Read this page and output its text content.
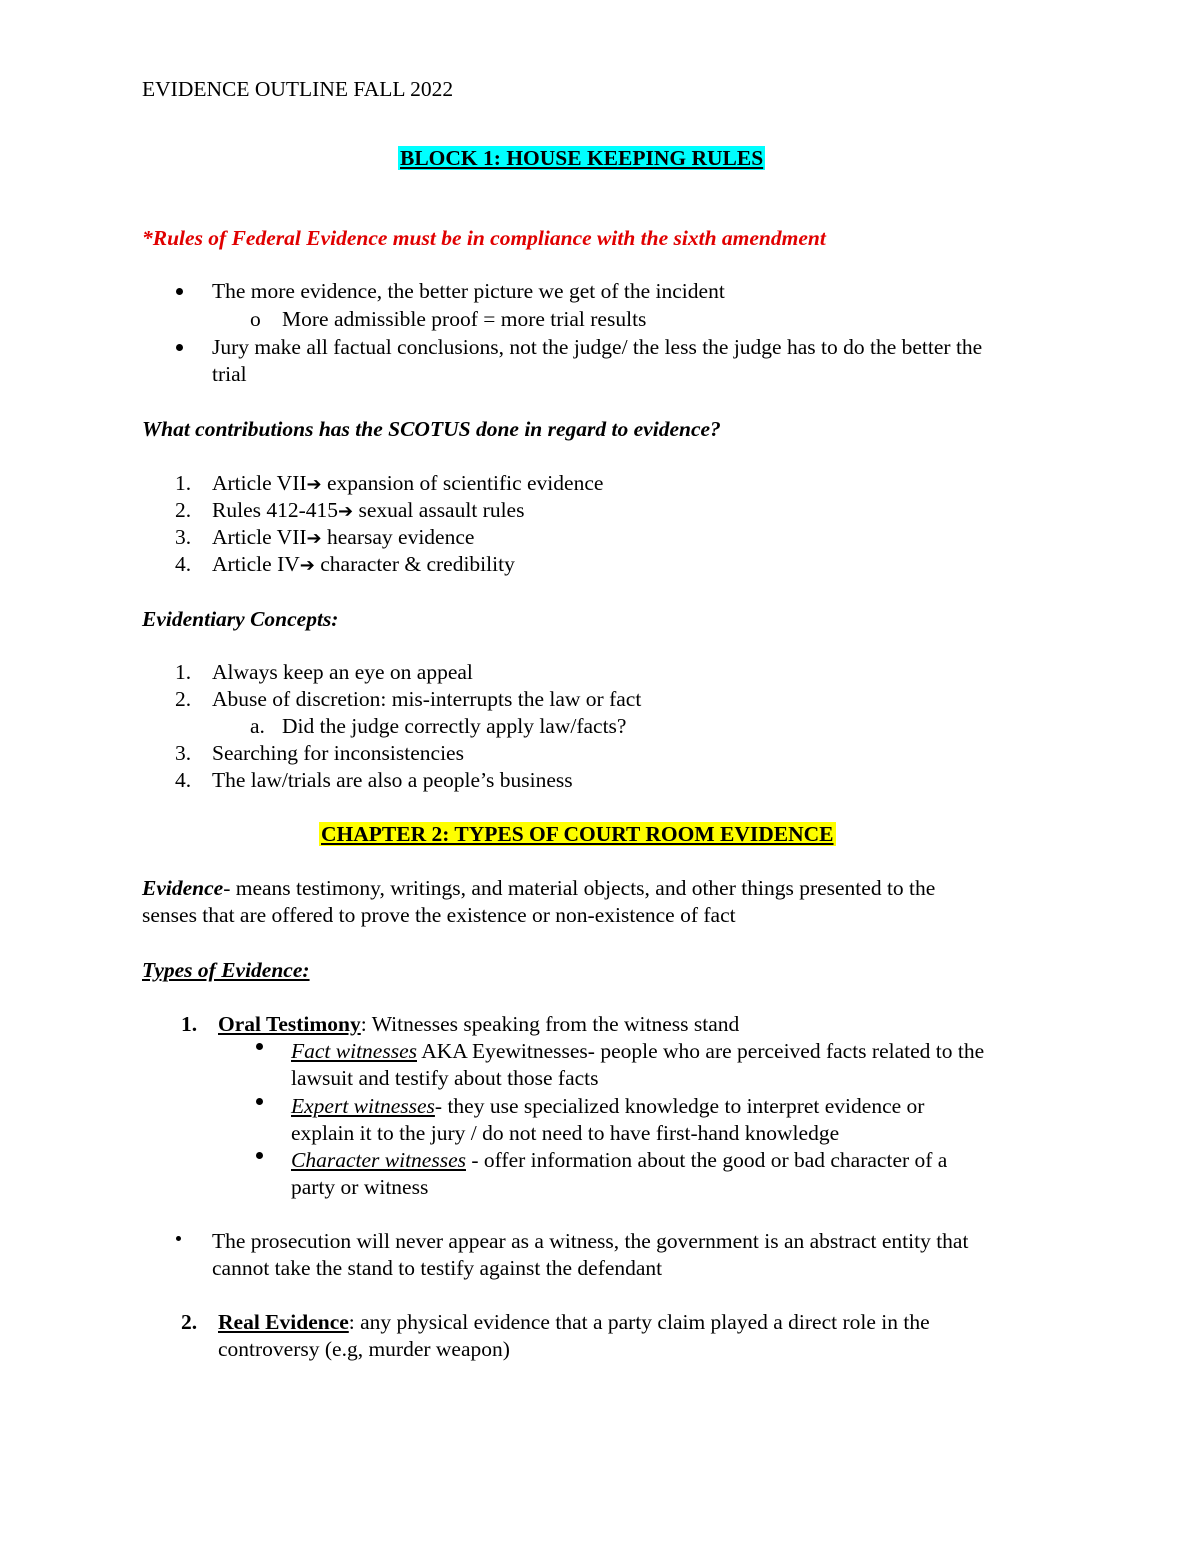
EVIDENCE OUTLINE FALL 2022
BLOCK 1: HOUSE KEEPING RULES
*Rules of Federal Evidence must be in compliance with the sixth amendment
The more evidence, the better picture we get of the incident
o More admissible proof = more trial results
Jury make all factual conclusions, not the judge/ the less the judge has to do the better the
trial
What contributions has the SCOTUS done in regard to evidence?
1. Article VII➔ expansion of scientific evidence
2. Rules 412-415➔ sexual assault rules
3. Article VII➔ hearsay evidence
4. Article IV➔ character & credibility
Evidentiary Concepts:
1. Always keep an eye on appeal
2. Abuse of discretion: mis-interrupts the law or fact
a. Did the judge correctly apply law/facts?
3. Searching for inconsistencies
4. The law/trials are also a people’s business
CHAPTER 2: TYPES OF COURT ROOM EVIDENCE
Evidence- means testimony, writings, and material objects, and other things presented to the
senses that are offered to prove the existence or non-existence of fact
Types of Evidence:
1. Oral Testimony: Witnesses speaking from the witness stand
Fact witnesses AKA Eyewitnesses- people who are perceived facts related to the
lawsuit and testify about those facts
Expert witnesses- they use specialized knowledge to interpret evidence or
explain it to the jury / do not need to have first-hand knowledge
Character witnesses - offer information about the good or bad character of a
party or witness
The prosecution will never appear as a witness, the government is an abstract entity that
cannot take the stand to testify against the defendant
2. Real Evidence: any physical evidence that a party claim played a direct role in the
controversy (e.g, murder weapon)
